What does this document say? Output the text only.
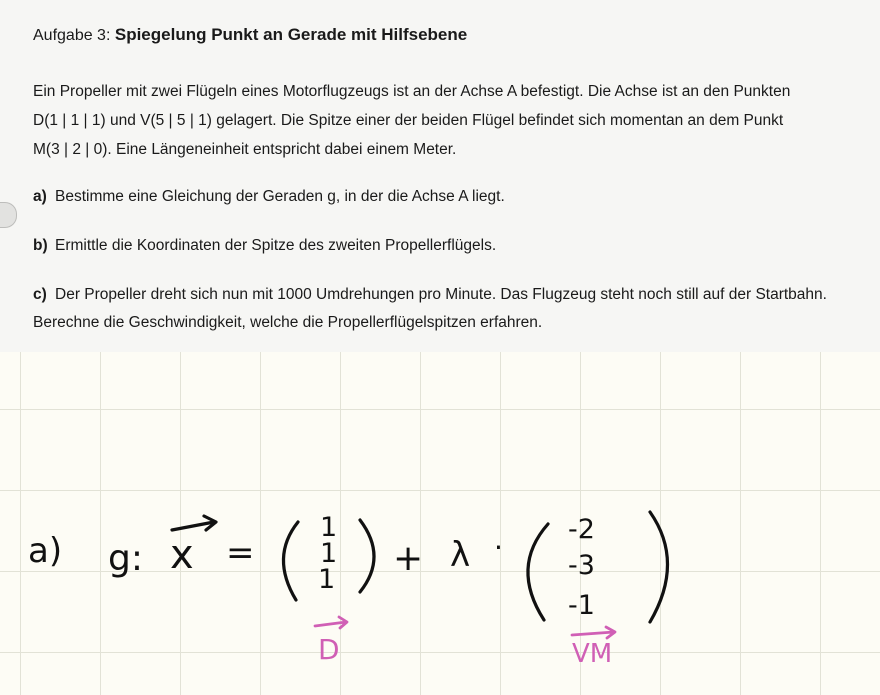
Aufgabe 3: Spiegelung Punkt an Gerade mit Hilfsebene
Ein Propeller mit zwei Flügeln eines Motorflugzeugs ist an der Achse A befestigt. Die Achse ist an den Punkten
D(1 | 1 | 1) und V(5 | 5 | 1) gelagert. Die Spitze einer der beiden Flügel befindet sich momentan an dem Punkt
M(3 | 2 | 0). Eine Längeneinheit entspricht dabei einem Meter.
a) Bestimme eine Gleichung der Geraden g, in der die Achse A liegt.
b) Ermittle die Koordinaten der Spitze des zweiten Propellerflügels.
c) Der Propeller dreht sich nun mit 1000 Umdrehungen pro Minute. Das Flugzeug steht noch still auf der Startbahn. Berechne die Geschwindigkeit, welche die Propellerflügelspitzen erfahren.
a) g: x =
1
1
1
+ λ ·
-2
-3
-1
D	VM
